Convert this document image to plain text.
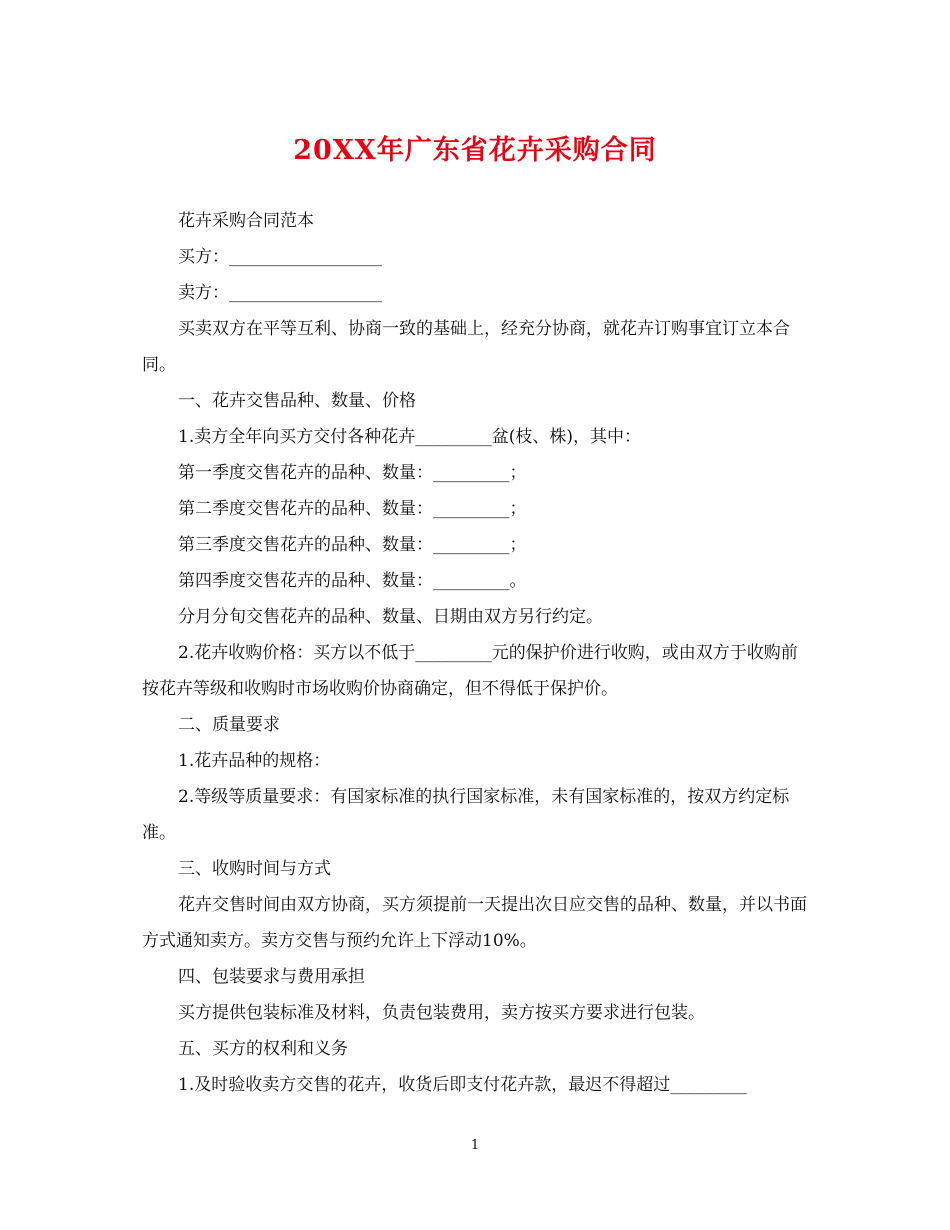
20XX年广东省花卉采购合同

花卉采购合同范本

买方：__________________

卖方：__________________

买卖双方在平等互利、协商一致的基础上，经充分协商，就花卉订购事宜订立本合同。

一、花卉交售品种、数量、价格

1.卖方全年向买方交付各种花卉_________盆(枝、株)，其中：

第一季度交售花卉的品种、数量：_________；

第二季度交售花卉的品种、数量：_________；

第三季度交售花卉的品种、数量：_________；

第四季度交售花卉的品种、数量：_________。

分月分旬交售花卉的品种、数量、日期由双方另行约定。

2.花卉收购价格：买方以不低于_________元的保护价进行收购，或由双方于收购前按花卉等级和收购时市场收购价协商确定，但不得低于保护价。

二、质量要求

1.花卉品种的规格：

2.等级等质量要求：有国家标准的执行国家标准，未有国家标准的，按双方约定标准。

三、收购时间与方式

花卉交售时间由双方协商，买方须提前一天提出次日应交售的品种、数量，并以书面方式通知卖方。卖方交售与预约允许上下浮动10%。

四、包装要求与费用承担

买方提供包装标准及材料，负责包装费用，卖方按买方要求进行包装。

五、买方的权利和义务

1.及时验收卖方交售的花卉，收货后即支付花卉款，最迟不得超过_________

1
